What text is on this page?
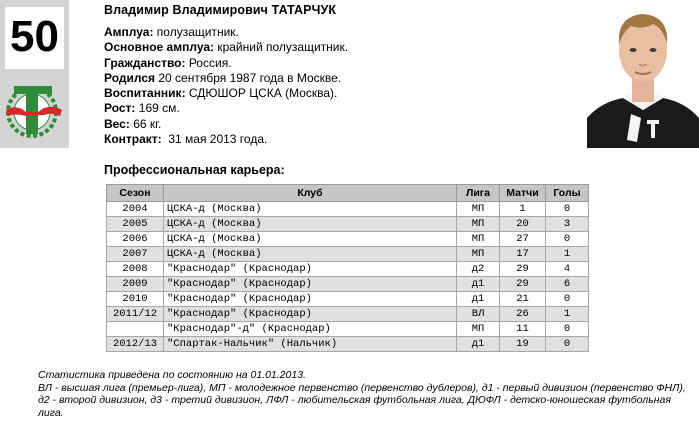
50
Владимир Владимирович ТАТАРЧУК
Амплуа: полузащитник.
Основное амплуа: крайний полузащитник.
Гражданство: Россия.
Родился 20 сентября 1987 года в Москве.
Воспитанник: СДЮШОР ЦСКА (Москва).
Рост: 169 см.
Вес: 66 кг.
Контракт:  31 мая 2013 года.
Профессиональная карьера:
Сезон	Клуб	Лига	Матчи	Голы
2004	ЦСКА-д (Москва)	МП	1	0
2005	ЦСКА-д (Москва)	МП	20	3
2006	ЦСКА-д (Москва)	МП	27	0
2007	ЦСКА-д (Москва)	МП	17	1
2008	"Краснодар" (Краснодар)	д2	29	4
2009	"Краснодар" (Краснодар)	д1	29	6
2010	"Краснодар" (Краснодар)	д1	21	0
2011/12	"Краснодар" (Краснодар)	ВЛ	26	1
	"Краснодар"-д" (Краснодар)	МП	11	0
2012/13	"Спартак-Нальчик" (Нальчик)	д1	19	0
Статистика приведена по состоянию на 01.01.2013.
ВЛ - высшая лига (премьер-лига), МП - молодежное первенство (первенство дублеров), д1 - первый дивизион (первенство ФНЛ), д2 - второй дивизион, д3 - третий дивизион, ЛФЛ - любительская футбольная лига, ДЮФЛ - детско-юношеская футбольная лига.
